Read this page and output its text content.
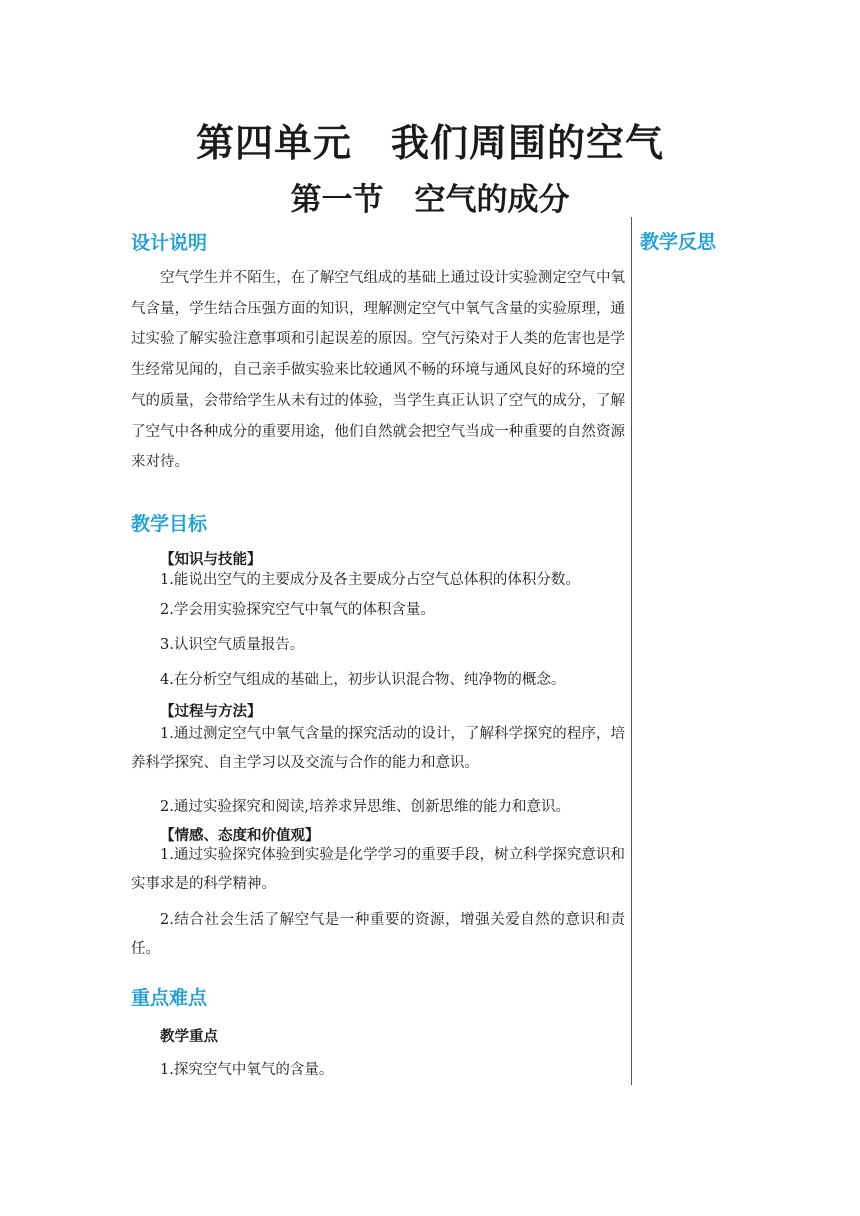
第四单元　我们周围的空气
第一节　空气的成分
教学反思
设计说明
空气学生并不陌生，在了解空气组成的基础上通过设计实验测定空气中氧气含量，学生结合压强方面的知识，理解测定空气中氧气含量的实验原理，通过实验了解实验注意事项和引起误差的原因。空气污染对于人类的危害也是学生经常见闻的，自己亲手做实验来比较通风不畅的环境与通风良好的环境的空气的质量，会带给学生从未有过的体验，当学生真正认识了空气的成分，了解了空气中各种成分的重要用途，他们自然就会把空气当成一种重要的自然资源来对待。
教学目标
【知识与技能】
1.能说出空气的主要成分及各主要成分占空气总体积的体积分数。
2.学会用实验探究空气中氧气的体积含量。
3.认识空气质量报告。
4.在分析空气组成的基础上，初步认识混合物、纯净物的概念。
【过程与方法】
1.通过测定空气中氧气含量的探究活动的设计，了解科学探究的程序，培养科学探究、自主学习以及交流与合作的能力和意识。
2.通过实验探究和阅读,培养求异思维、创新思维的能力和意识。
【情感、态度和价值观】
1.通过实验探究体验到实验是化学学习的重要手段，树立科学探究意识和实事求是的科学精神。
2.结合社会生活了解空气是一种重要的资源，增强关爱自然的意识和责任。
重点难点
教学重点
1.探究空气中氧气的含量。
